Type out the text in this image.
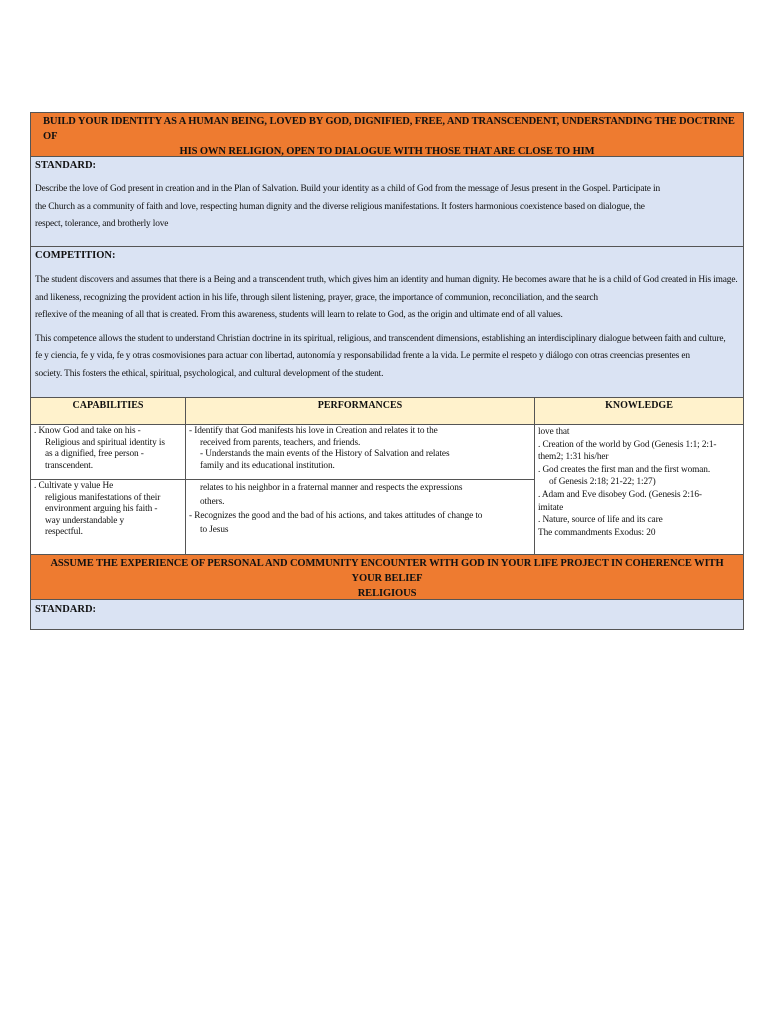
BUILD YOUR IDENTITY AS A HUMAN BEING, LOVED BY GOD, DIGNIFIED, FREE, AND TRANSCENDENT, UNDERSTANDING THE DOCTRINE OF
HIS OWN RELIGION, OPEN TO DIALOGUE WITH THOSE THAT ARE CLOSE TO HIM
STANDARD:
Describe the love of God present in creation and in the Plan of Salvation. Build your identity as a child of God from the message of Jesus present in the Gospel. Participate in
the Church as a community of faith and love, respecting human dignity and the diverse religious manifestations. It fosters harmonious coexistence based on dialogue, the
respect, tolerance, and brotherly love
COMPETITION:
The student discovers and assumes that there is a Being and a transcendent truth, which gives him an identity and human dignity. He becomes aware that he is a child of God created in His image.
and likeness, recognizing the provident action in his life, through silent listening, prayer, grace, the importance of communion, reconciliation, and the search
reflexive of the meaning of all that is created. From this awareness, students will learn to relate to God, as the origin and ultimate end of all values.
This competence allows the student to understand Christian doctrine in its spiritual, religious, and transcendent dimensions, establishing an interdisciplinary dialogue between faith and culture,
fe y ciencia, fe y vida, fe y otras cosmovisiones para actuar con libertad, autonomía y responsabilidad frente a la vida. Le permite el respeto y diálogo con otras creencias presentes en
society. This fosters the ethical, spiritual, psychological, and cultural development of the student.
CAPABILITIES	PERFORMANCES	KNOWLEDGE
. Know God and take on his -
Religious and spiritual identity is
as a dignified, free person -
transcendent.
. Cultivate y value He
religious manifestations of their
environment arguing his faith -
way understandable y
respectful.
- Identify that God manifests his love in Creation and relates it to the
received from parents, teachers, and friends.
- Understands the main events of the History of Salvation and relates
family and its educational institution.
relates to his neighbor in a fraternal manner and respects the expressions
others.
- Recognizes the good and the bad of his actions, and takes attitudes of change to
to Jesus
love that
. Creation of the world by God (Genesis 1:1; 2:1-
them2; 1:31 his/her
. God creates the first man and the first woman.
of Genesis 2:18; 21-22; 1:27)
. Adam and Eve disobey God. (Genesis 2:16-
imitate
. Nature, source of life and its care
The commandments Exodus: 20
ASSUME THE EXPERIENCE OF PERSONAL AND COMMUNITY ENCOUNTER WITH GOD IN YOUR LIFE PROJECT IN COHERENCE WITH YOUR BELIEF
RELIGIOUS
STANDARD:
